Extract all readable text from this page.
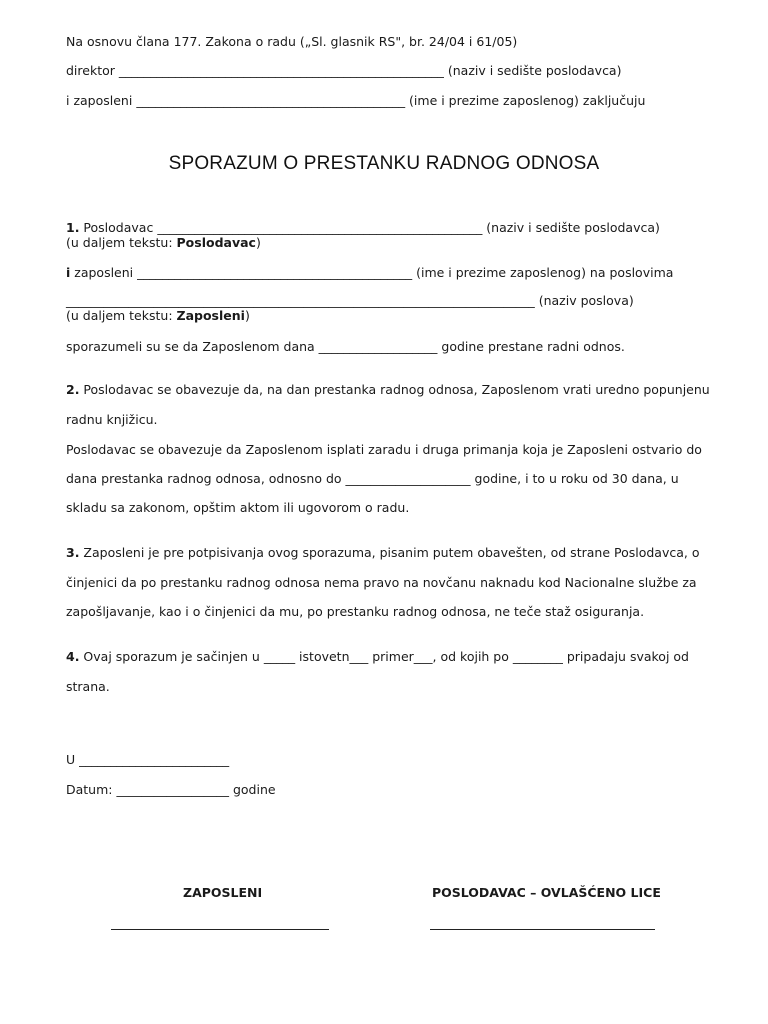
Na osnovu člana 177. Zakona o radu („Sl. glasnik RS", br. 24/04 i 61/05)
direktor ____________________________________________________ (naziv i sedište poslodavca)
i zaposleni ___________________________________________ (ime i prezime zaposlenog) zaključuju
SPORAZUM O PRESTANKU RADNOG ODNOSA
1. Poslodavac ____________________________________________________ (naziv i sedište poslodavca)
(u daljem tekstu: Poslodavac)
i zaposleni ____________________________________________ (ime i prezime zaposlenog) na poslovima
___________________________________________________________________________ (naziv poslova)
(u daljem tekstu: Zaposleni)
sporazumeli su se da Zaposlenom dana ___________________ godine prestane radni odnos.
2. Poslodavac se obavezuje da, na dan prestanka radnog odnosa, Zaposlenom vrati uredno popunjenu
radnu knjižicu.
Poslodavac se obavezuje da Zaposlenom isplati zaradu i druga primanja koja je Zaposleni ostvario do
dana prestanka radnog odnosa, odnosno do ____________________ godine, i to u roku od 30 dana, u
skladu sa zakonom, opštim aktom ili ugovorom o radu.
3. Zaposleni je pre potpisivanja ovog sporazuma, pisanim putem obavešten, od strane Poslodavca, o
činjenici da po prestanku radnog odnosa nema pravo na novčanu naknadu kod Nacionalne službe za
zapošljavanje, kao i o činjenici da mu, po prestanku radnog odnosa, ne teče staž osiguranja.
4. Ovaj sporazum je sačinjen u _____ istovetn___ primer___, od kojih po ________ pripadaju svakoj od
strana.
U ________________________
Datum: __________________ godine
ZAPOSLENI	POSLODAVAC – OVLAŠĆENO LICE
